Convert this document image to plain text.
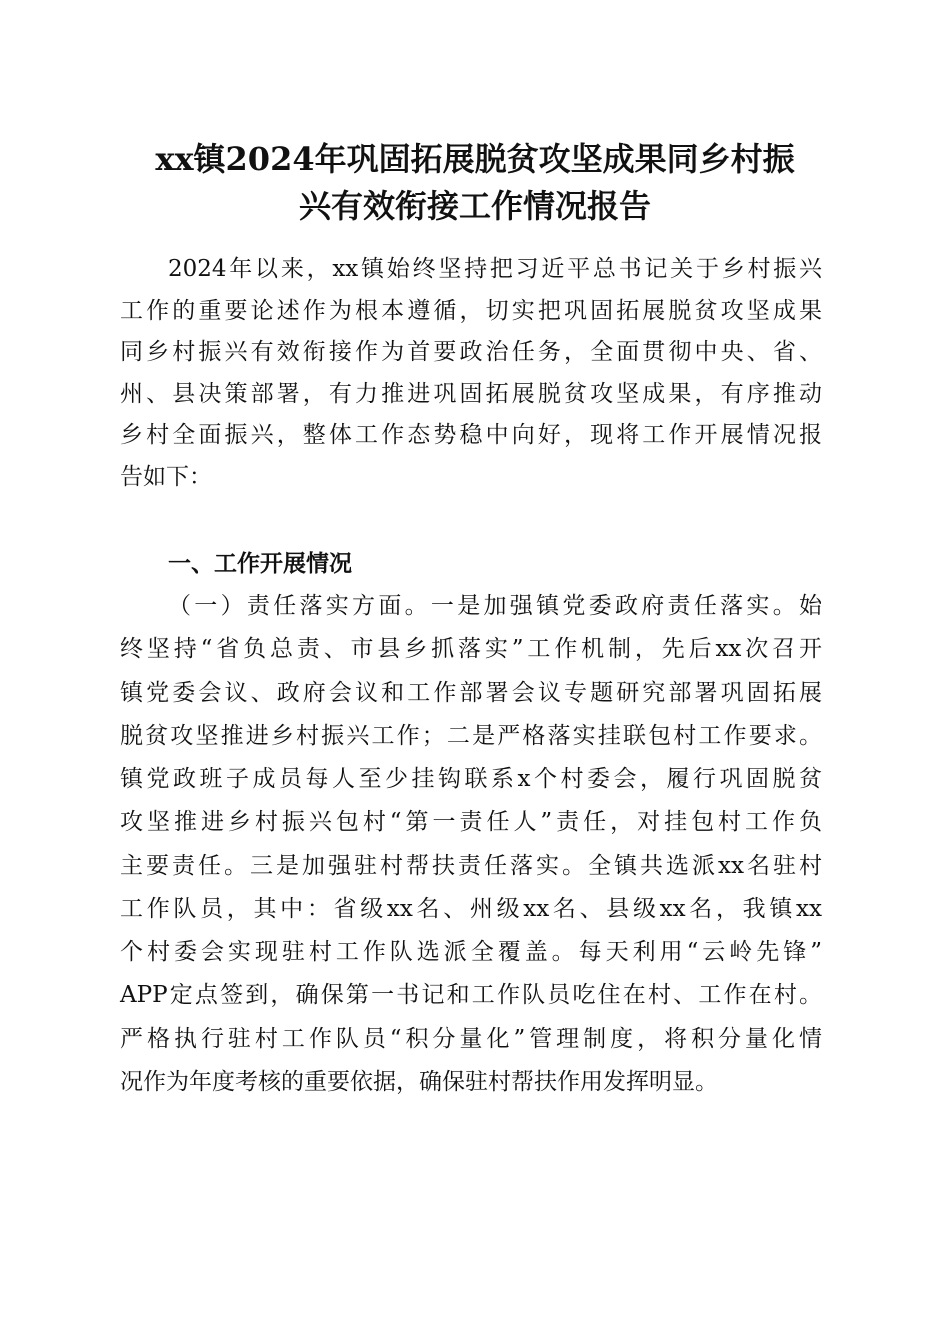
xx镇2024年巩固拓展脱贫攻坚成果同乡村振
兴有效衔接工作情况报告
2024年以来，xx镇始终坚持把习近平总书记关于乡村振兴
工作的重要论述作为根本遵循，切实把巩固拓展脱贫攻坚成果
同乡村振兴有效衔接作为首要政治任务，全面贯彻中央、省、
州、县决策部署，有力推进巩固拓展脱贫攻坚成果，有序推动
乡村全面振兴，整体工作态势稳中向好，现将工作开展情况报
告如下：
一、工作开展情况
（一）责任落实方面。一是加强镇党委政府责任落实。始
终坚持“省负总责、市县乡抓落实”工作机制，先后xx次召开
镇党委会议、政府会议和工作部署会议专题研究部署巩固拓展
脱贫攻坚推进乡村振兴工作；二是严格落实挂联包村工作要求。
镇党政班子成员每人至少挂钩联系x个村委会，履行巩固脱贫
攻坚推进乡村振兴包村“第一责任人”责任，对挂包村工作负
主要责任。三是加强驻村帮扶责任落实。全镇共选派xx名驻村
工作队员，其中：省级xx名、州级xx名、县级xx名，我镇xx
个村委会实现驻村工作队选派全覆盖。每天利用“云岭先锋”
APP定点签到，确保第一书记和工作队员吃住在村、工作在村。
严格执行驻村工作队员“积分量化”管理制度，将积分量化情
况作为年度考核的重要依据，确保驻村帮扶作用发挥明显。
